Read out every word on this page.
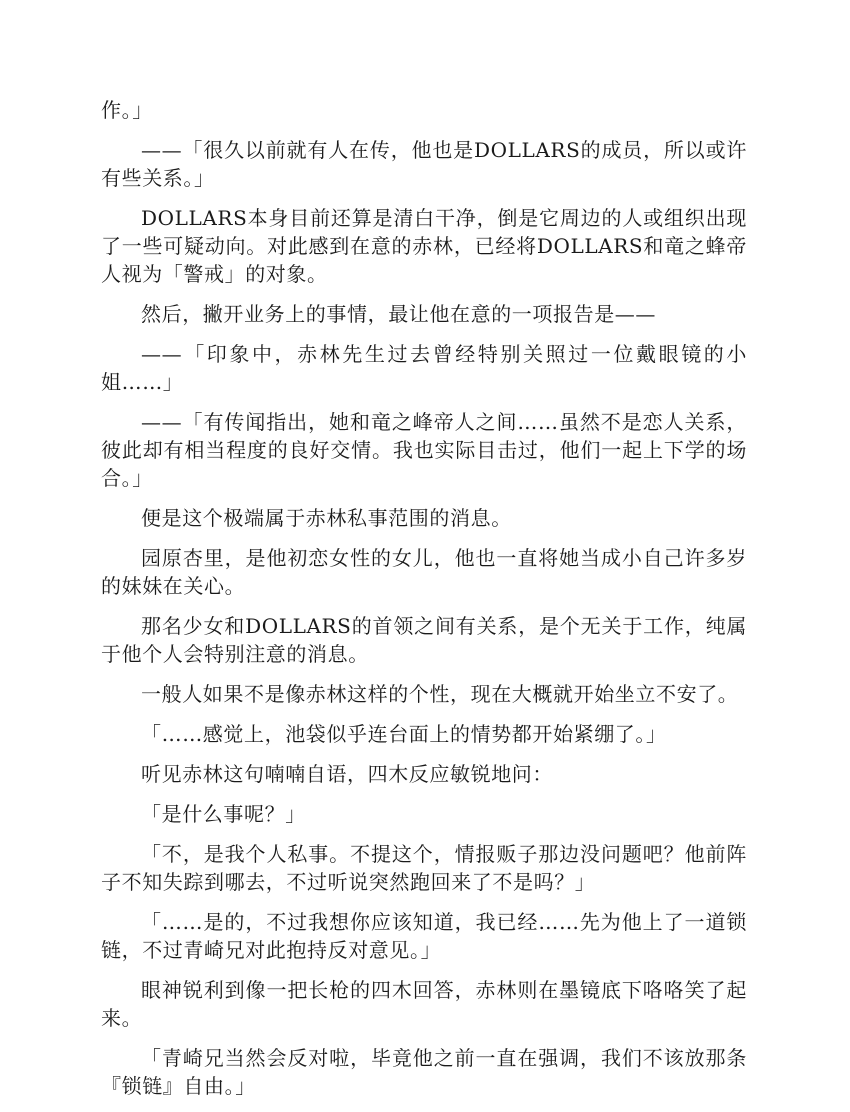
作。」

——「很久以前就有人在传，他也是DOLLARS的成员，所以或许有些关系。」

DOLLARS本身目前还算是清白干净，倒是它周边的人或组织出现了一些可疑动向。对此感到在意的赤林，已经将DOLLARS和竜之蜂帝人视为「警戒」的对象。

然后，撇开业务上的事情，最让他在意的一项报告是——

——「印象中，赤林先生过去曾经特别关照过一位戴眼镜的小姐……」

——「有传闻指出，她和竜之峰帝人之间……虽然不是恋人关系，彼此却有相当程度的良好交情。我也实际目击过，他们一起上下学的场合。」

便是这个极端属于赤林私事范围的消息。

园原杏里，是他初恋女性的女儿，他也一直将她当成小自己许多岁的妹妹在关心。

那名少女和DOLLARS的首领之间有关系，是个无关于工作，纯属于他个人会特别注意的消息。

一般人如果不是像赤林这样的个性，现在大概就开始坐立不安了。

「……感觉上，池袋似乎连台面上的情势都开始紧绷了。」

听见赤林这句喃喃自语，四木反应敏锐地问：

「是什么事呢？」

「不，是我个人私事。不提这个，情报贩子那边没问题吧？他前阵子不知失踪到哪去，不过听说突然跑回来了不是吗？」

「……是的，不过我想你应该知道，我已经……先为他上了一道锁链，不过青崎兄对此抱持反对意见。」

眼神锐利到像一把长枪的四木回答，赤林则在墨镜底下咯咯笑了起来。

「青崎兄当然会反对啦，毕竟他之前一直在强调，我们不该放那条『锁链』自由。」
